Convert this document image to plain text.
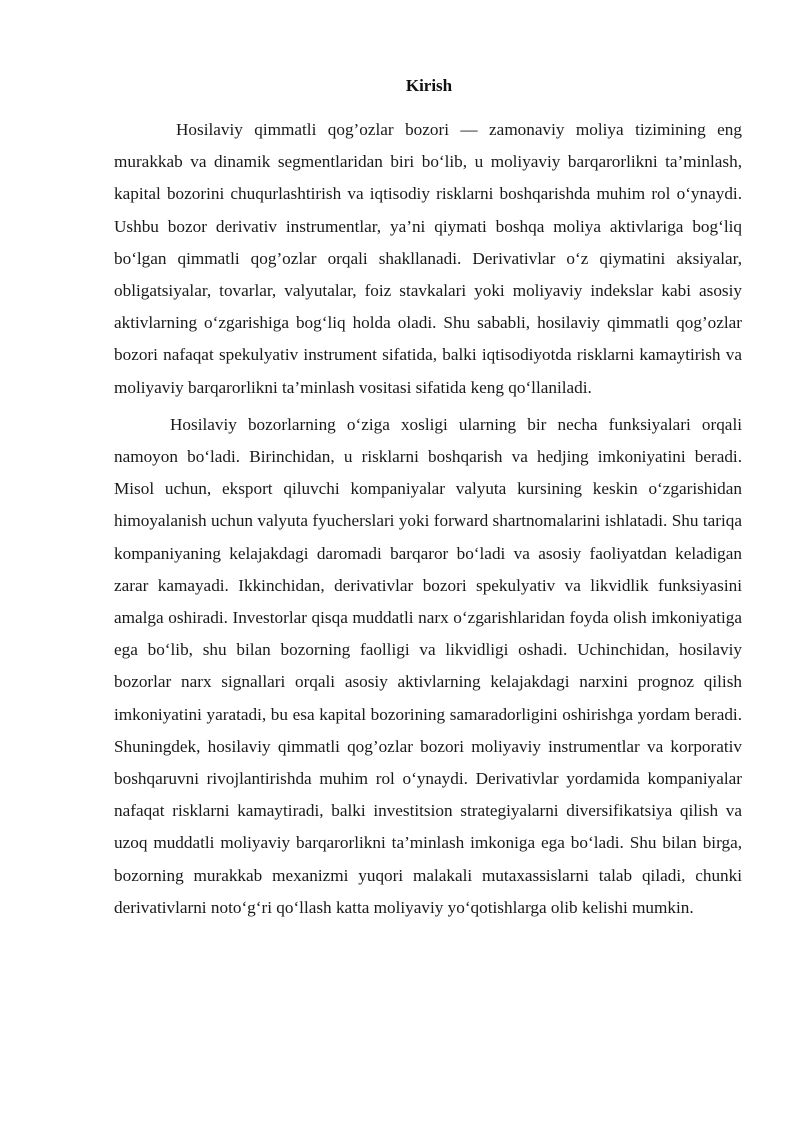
Kirish

Hosilaviy qimmatli qog’ozlar bozori — zamonaviy moliya tizimining eng murakkab va dinamik segmentlaridan biri bo‘lib, u moliyaviy barqarorlikni ta’minlash, kapital bozorini chuqurlashtirish va iqtisodiy risklarni boshqarishda muhim rol o‘ynaydi. Ushbu bozor derivativ instrumentlar, ya’ni qiymati boshqa moliya aktivlariga bog‘liq bo‘lgan qimmatli qog’ozlar orqali shakllanadi. Derivativlar o‘z qiymatini aksiyalar, obligatsiyalar, tovarlar, valyutalar, foiz stavkalari yoki moliyaviy indekslar kabi asosiy aktivlarning o‘zgarishiga bog‘liq holda oladi. Shu sababli, hosilaviy qimmatli qog’ozlar bozori nafaqat spekulyativ instrument sifatida, balki iqtisodiyotda risklarni kamaytirish va moliyaviy barqarorlikni ta’minlash vositasi sifatida keng qo‘llaniladi.

Hosilaviy bozorlarning o‘ziga xosligi ularning bir necha funksiyalari orqali namoyon bo‘ladi. Birinchidan, u risklarni boshqarish va hedjing imkoniyatini beradi. Misol uchun, eksport qiluvchi kompaniyalar valyuta kursining keskin o‘zgarishidan himoyalanish uchun valyuta fyucherslari yoki forward shartnomalarini ishlatadi. Shu tariqa kompaniyaning kelajakdagi daromadi barqaror bo‘ladi va asosiy faoliyatdan keladigan zarar kamayadi. Ikkinchidan, derivativlar bozori spekulyativ va likvidlik funksiyasini amalga oshiradi. Investorlar qisqa muddatli narx o‘zgarishlaridan foyda olish imkoniyatiga ega bo‘lib, shu bilan bozorning faolligi va likvidligi oshadi. Uchinchidan, hosilaviy bozorlar narx signallari orqali asosiy aktivlarning kelajakdagi narxini prognoz qilish imkoniyatini yaratadi, bu esa kapital bozorining samaradorligini oshirishga yordam beradi. Shuningdek, hosilaviy qimmatli qog’ozlar bozori moliyaviy instrumentlar va korporativ boshqaruvni rivojlantirishda muhim rol o‘ynaydi. Derivativlar yordamida kompaniyalar nafaqat risklarni kamaytiradi, balki investitsion strategiyalarni diversifikatsiya qilish va uzoq muddatli moliyaviy barqarorlikni ta’minlash imkoniga ega bo‘ladi. Shu bilan birga, bozorning murakkab mexanizmi yuqori malakali mutaxassislarni talab qiladi, chunki derivativlarni noto‘g‘ri qo‘llash katta moliyaviy yo‘qotishlarga olib kelishi mumkin.
